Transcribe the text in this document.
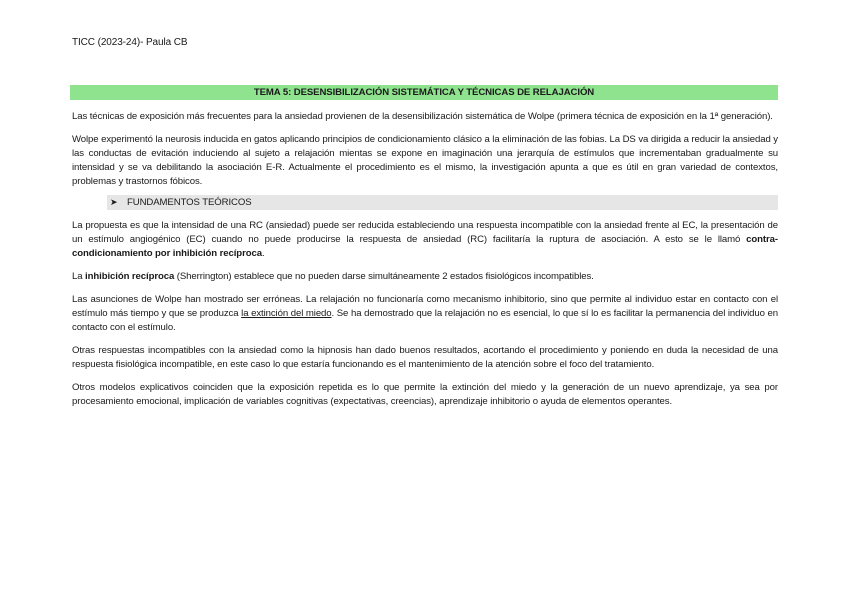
TICC (2023-24)- Paula CB
TEMA 5: DESENSIBILIZACIÓN SISTEMÁTICA Y TÉCNICAS DE RELAJACIÓN

Las técnicas de exposición más frecuentes para la ansiedad provienen de la desensibilización sistemática de Wolpe (primera técnica de exposición en la 1ª generación).

Wolpe experimentó la neurosis inducida en gatos aplicando principios de condicionamiento clásico a la eliminación de las fobias. La DS va dirigida a reducir la ansiedad y las conductas de evitación induciendo al sujeto a relajación mientas se expone en imaginación una jerarquía de estímulos que incrementaban gradualmente su intensidad y se va debilitando la asociación E-R. Actualmente el procedimiento es el mismo, la investigación apunta a que es útil en gran variedad de contextos, problemas y trastornos fóbicos.

➤ FUNDAMENTOS TEÓRICOS

La propuesta es que la intensidad de una RC (ansiedad) puede ser reducida estableciendo una respuesta incompatible con la ansiedad frente al EC, la presentación de un estímulo angiogénico (EC) cuando no puede producirse la respuesta de ansiedad (RC) facilitaría la ruptura de asociación. A esto se le llamó contra-condicionamiento por inhibición recíproca.

La inhibición recíproca (Sherrington) establece que no pueden darse simultáneamente 2 estados fisiológicos incompatibles.

Las asunciones de Wolpe han mostrado ser erróneas. La relajación no funcionaría como mecanismo inhibitorio, sino que permite al individuo estar en contacto con el estímulo más tiempo y que se produzca la extinción del miedo. Se ha demostrado que la relajación no es esencial, lo que sí lo es facilitar la permanencia del individuo en contacto con el estímulo.

Otras respuestas incompatibles con la ansiedad como la hipnosis han dado buenos resultados, acortando el procedimiento y poniendo en duda la necesidad de una respuesta fisiológica incompatible, en este caso lo que estaría funcionando es el mantenimiento de la atención sobre el foco del tratamiento.

Otros modelos explicativos coinciden que la exposición repetida es lo que permite la extinción del miedo y la generación de un nuevo aprendizaje, ya sea por procesamiento emocional, implicación de variables cognitivas (expectativas, creencias), aprendizaje inhibitorio o ayuda de elementos operantes.
